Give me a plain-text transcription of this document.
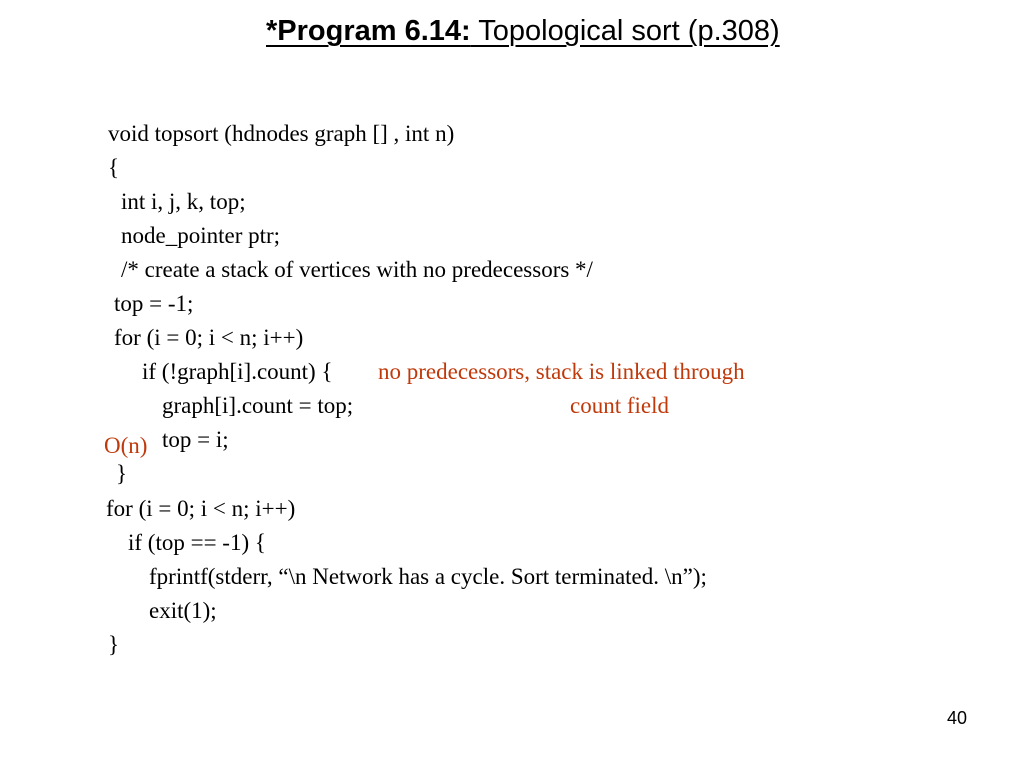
*Program 6.14: Topological sort (p.308)
void topsort (hdnodes graph [] , int n)
{
int i, j, k, top;
node_pointer ptr;
/* create a stack of vertices with no predecessors */
top = -1;
for (i = 0; i < n; i++)
if (!graph[i].count) {
graph[i].count = top;
top = i;
}
for (i = 0; i < n; i++)
if (top == -1) {
fprintf(stderr, “\n Network has a cycle. Sort terminated. \n”);
exit(1);
}
no predecessors, stack is linked through
count field
O(n)
40
